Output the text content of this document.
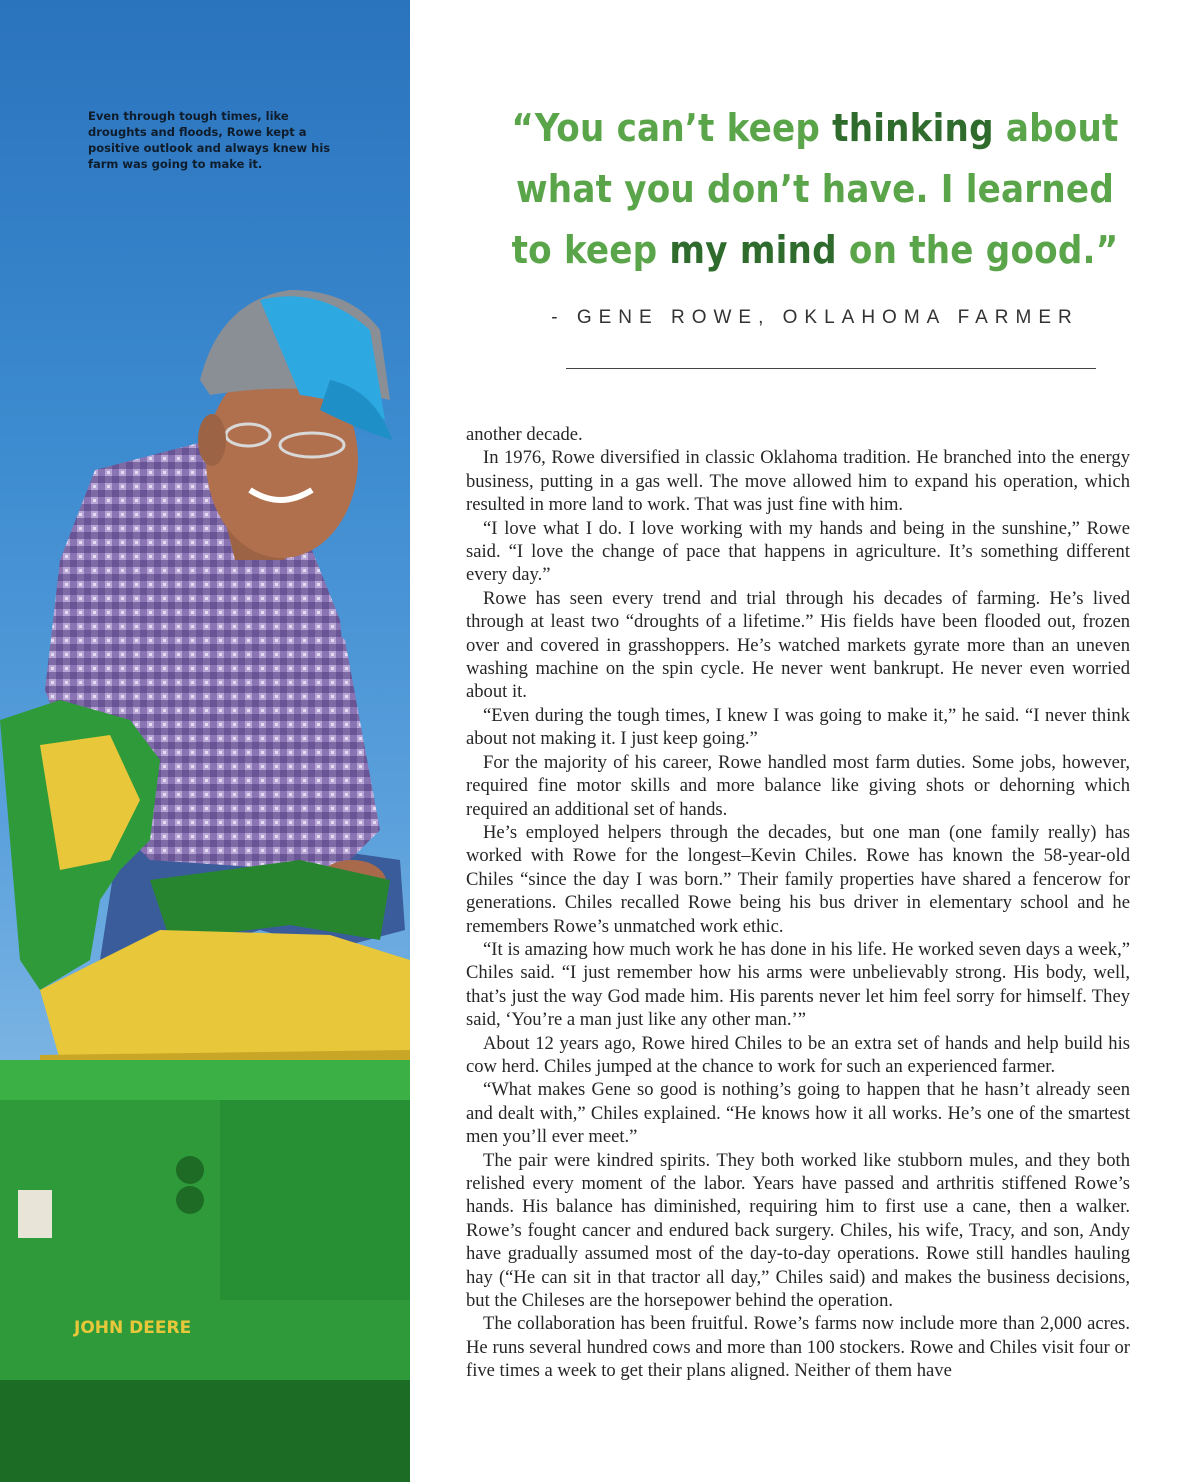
JOHN DEERE

Even through tough times, like droughts and floods, Rowe kept a positive outlook and always knew his farm was going to make it.

“You can’t keep thinking about
what you don’t have. I learned
to keep my mind on the good.”

- GENE ROWE, OKLAHOMA FARMER

another decade.

In 1976, Rowe diversified in classic Oklahoma tradition. He branched into the energy business, putting in a gas well. The move allowed him to expand his operation, which resulted in more land to work. That was just fine with him.

“I love what I do. I love working with my hands and being in the sunshine,” Rowe said. “I love the change of pace that happens in agriculture. It’s something different every day.”

Rowe has seen every trend and trial through his decades of farming. He’s lived through at least two “droughts of a lifetime.” His fields have been flooded out, frozen over and covered in grasshoppers. He’s watched markets gyrate more than an uneven washing machine on the spin cycle. He never went bankrupt. He never even worried about it.

“Even during the tough times, I knew I was going to make it,” he said. “I never think about not making it. I just keep going.”

For the majority of his career, Rowe handled most farm duties. Some jobs, however, required fine motor skills and more balance like giving shots or dehorning which required an additional set of hands.

He’s employed helpers through the decades, but one man (one family really) has worked with Rowe for the longest–Kevin Chiles. Rowe has known the 58-year-old Chiles “since the day I was born.” Their family properties have shared a fencerow for generations. Chiles recalled Rowe being his bus driver in elementary school and he remembers Rowe’s unmatched work ethic.

“It is amazing how much work he has done in his life. He worked seven days a week,” Chiles said. “I just remember how his arms were unbelievably strong. His body, well, that’s just the way God made him. His parents never let him feel sorry for himself. They said, ‘You’re a man just like any other man.’”

About 12 years ago, Rowe hired Chiles to be an extra set of hands and help build his cow herd. Chiles jumped at the chance to work for such an experienced farmer.

“What makes Gene so good is nothing’s going to happen that he hasn’t already seen and dealt with,” Chiles explained. “He knows how it all works. He’s one of the smartest men you’ll ever meet.”

The pair were kindred spirits. They both worked like stubborn mules, and they both relished every moment of the labor. Years have passed and arthritis stiffened Rowe’s hands. His balance has diminished, requiring him to first use a cane, then a walker. Rowe’s fought cancer and endured back surgery. Chiles, his wife, Tracy, and son, Andy have gradually assumed most of the day-to-day operations. Rowe still handles hauling hay (“He can sit in that tractor all day,” Chiles said) and makes the business decisions, but the Chileses are the horsepower behind the operation.

The collaboration has been fruitful. Rowe’s farms now include more than 2,000 acres. He runs several hundred cows and more than 100 stockers. Rowe and Chiles visit four or five times a week to get their plans aligned. Neither of them have
